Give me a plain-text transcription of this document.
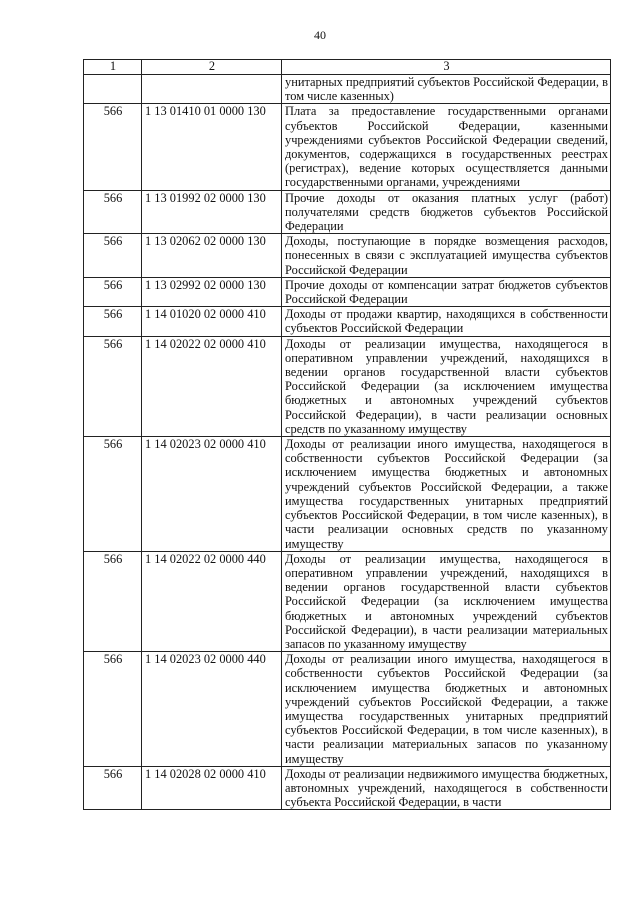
40
1	2	3
		унитарных предприятий субъектов Российской Федерации, в том числе казенных)
566	1 13 01410 01 0000 130	Плата за предоставление государственными органами субъектов Российской Федерации, казенными учреждениями субъектов Российской Федерации сведений, документов, содержащихся в государственных реестрах (регистрах), ведение которых осуществляется данными государственными органами, учреждениями
566	1 13 01992 02 0000 130	Прочие доходы от оказания платных услуг (работ) получателями средств бюджетов субъектов Российской Федерации
566	1 13 02062 02 0000 130	Доходы, поступающие в порядке возмещения расходов, понесенных в связи с эксплуатацией имущества субъектов Российской Федерации
566	1 13 02992 02 0000 130	Прочие доходы от компенсации затрат бюджетов субъектов Российской Федерации
566	1 14 01020 02 0000 410	Доходы от продажи квартир, находящихся в собственности субъектов Российской Федерации
566	1 14 02022 02 0000 410	Доходы от реализации имущества, находящегося в оперативном управлении учреждений, находящихся в ведении органов государственной власти субъектов Российской Федерации (за исключением имущества бюджетных и автономных учреждений субъектов Российской Федерации), в части реализации основных средств по указанному имуществу
566	1 14 02023 02 0000 410	Доходы от реализации иного имущества, находящегося в собственности субъектов Российской Федерации (за исключением имущества бюджетных и автономных учреждений субъектов Российской Федерации, а также имущества государственных унитарных предприятий субъектов Российской Федерации, в том числе казенных), в части реализации основных средств по указанному имуществу
566	1 14 02022 02 0000 440	Доходы от реализации имущества, находящегося в оперативном управлении учреждений, находящихся в ведении органов государственной власти субъектов Российской Федерации (за исключением имущества бюджетных и автономных учреждений субъектов Российской Федерации), в части реализации материальных запасов по указанному имуществу
566	1 14 02023 02 0000 440	Доходы от реализации иного имущества, находящегося в собственности субъектов Российской Федерации (за исключением имущества бюджетных и автономных учреждений субъектов Российской Федерации, а также имущества государственных унитарных предприятий субъектов Российской Федерации, в том числе казенных), в части реализации материальных запасов по указанному имуществу
566	1 14 02028 02 0000 410	Доходы от реализации недвижимого имущества бюджетных, автономных учреждений, находящегося в собственности субъекта Российской Федерации, в части
